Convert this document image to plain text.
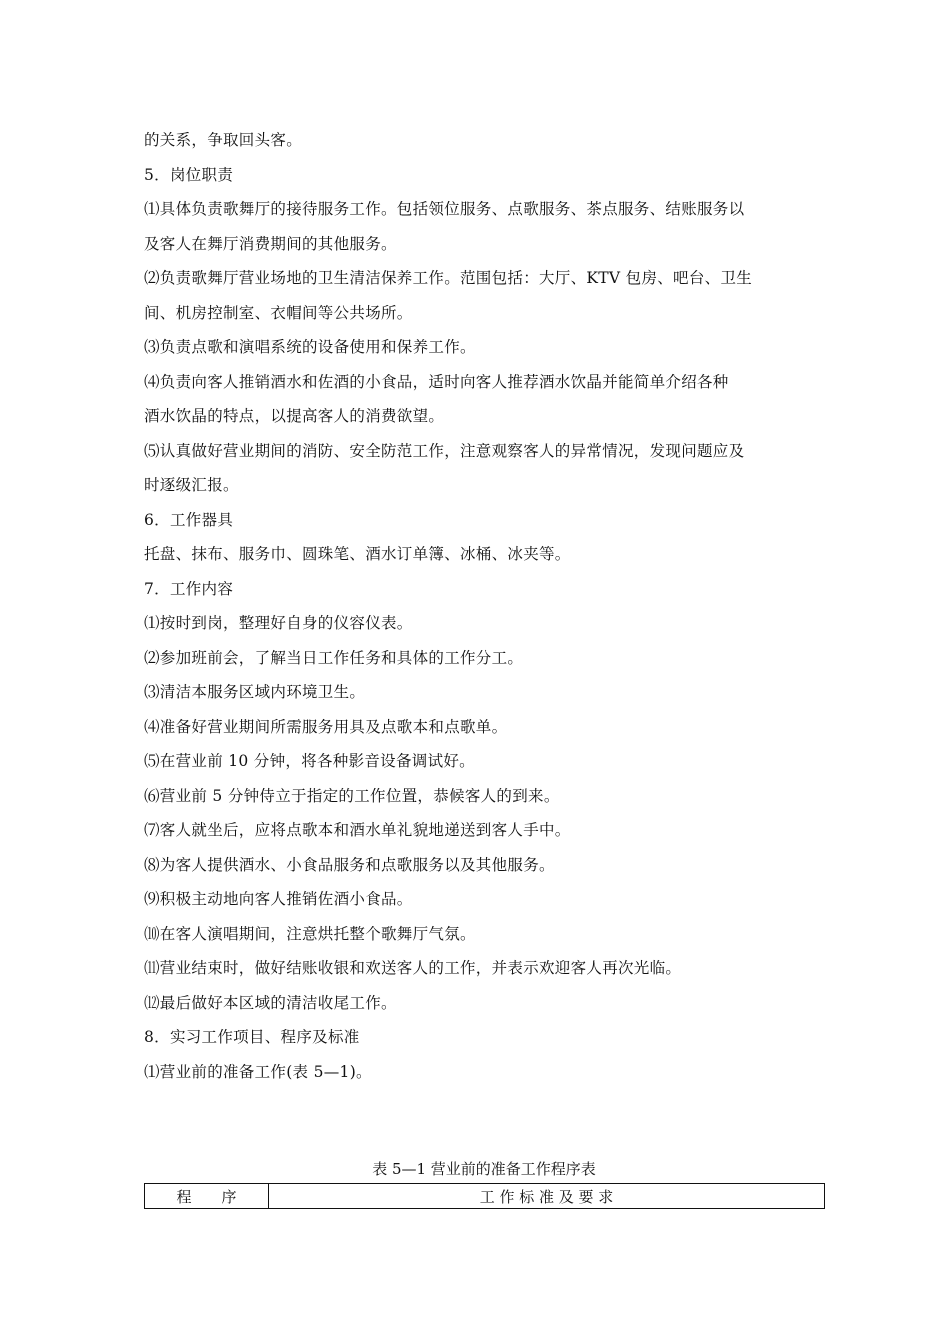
的关系，争取回头客。
5．岗位职责
⑴具体负责歌舞厅的接待服务工作。包括领位服务、点歌服务、茶点服务、结账服务以
及客人在舞厅消费期间的其他服务。
⑵负责歌舞厅营业场地的卫生清洁保养工作。范围包括：大厅、KTV 包房、吧台、卫生
间、机房控制室、衣帽间等公共场所。
⑶负责点歌和演唱系统的设备使用和保养工作。
⑷负责向客人推销酒水和佐酒的小食品，适时向客人推荐酒水饮晶并能简单介绍各种
酒水饮晶的特点，以提高客人的消费欲望。
⑸认真做好营业期间的消防、安全防范工作，注意观察客人的异常情况，发现问题应及
时逐级汇报。
6．工作器具
托盘、抹布、服务巾、圆珠笔、酒水订单簿、冰桶、冰夹等。
7．工作内容
⑴按时到岗，整理好自身的仪容仪表。
⑵参加班前会，了解当日工作任务和具体的工作分工。
⑶清洁本服务区域内环境卫生。
⑷准备好营业期间所需服务用具及点歌本和点歌单。
⑸在营业前 10 分钟，将各种影音设备调试好。
⑹营业前 5 分钟侍立于指定的工作位置，恭候客人的到来。
⑺客人就坐后，应将点歌本和酒水单礼貌地递送到客人手中。
⑻为客人提供酒水、小食品服务和点歌服务以及其他服务。
⑼积极主动地向客人推销佐酒小食品。
⑽在客人演唱期间，注意烘托整个歌舞厅气氛。
⑾营业结束时，做好结账收银和欢送客人的工作，并表示欢迎客人再次光临。
⑿最后做好本区域的清洁收尾工作。
8．实习工作项目、程序及标准
⑴营业前的准备工作(表 5—1)。
表 5—1 营业前的准备工作程序表
程　　序	工 作 标 准 及 要 求
